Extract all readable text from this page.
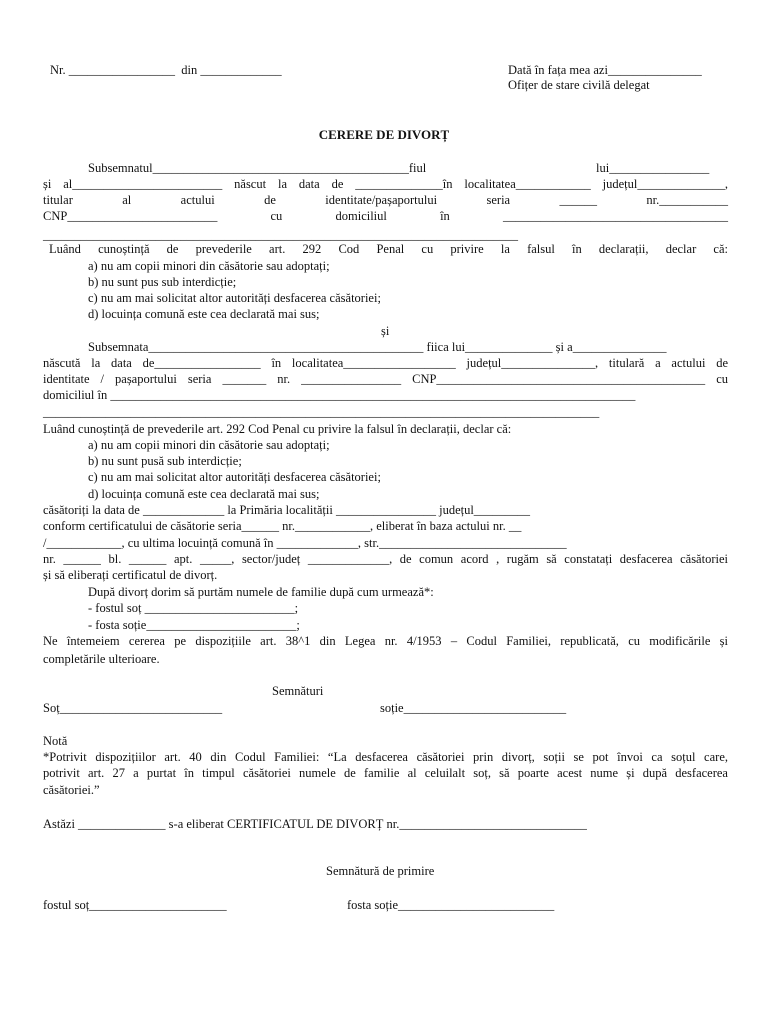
Nr. _________________  din _____________

	Dată în fața mea azi_______________

Ofițer de stare civilă delegat

CERERE DE DIVORȚ

Subsemnatul_________________________________________fiul

	lui________________

și al________________________ născut la data de ______________în localitatea____________ județul______________,

titular al actului de identitate/pașaportului seria ______ nr.___________

CNP________________________ cu domiciliul în ____________________________________

____________________________________________________________________________

Luând cunoștință de prevederile art. 292 Cod Penal cu privire la falsul în declarații, declar că:

a) nu am copii minori din căsătorie sau adoptați;
b) nu sunt pus sub interdicție;
c) nu am mai solicitat altor autorități desfacerea căsătoriei;
d) locuința comună este cea declarată mai sus;

și

Subsemnata____________________________________________ fiica lui______________ și a_______________

născută la data de_________________ în localitatea__________________ județul_______________, titulară a actului de

identitate / pașaportului seria _______ nr. ________________ CNP___________________________________________ cu

domiciliul în ____________________________________________________________________________________

_________________________________________________________________________________________

Luând cunoștință de prevederile art. 292 Cod Penal cu privire la falsul în declarații, declar că:

a) nu am copii minori din căsătorie sau adoptați;
b) nu sunt pusă sub interdicție;
c) nu am mai solicitat altor autorități desfacerea căsătoriei;
d) locuința comună este cea declarată mai sus;

căsătoriți la data de _____________ la Primăria localității ________________ județul_________

conform certificatului de căsătorie seria______ nr.____________, eliberat în baza actului nr. __

/____________, cu ultima locuință comună în _____________, str.______________________________

nr. ______ bl. ______ apt. _____, sector/județ _____________, de comun acord , rugăm să constatați desfacerea căsătoriei

și să eliberați certificatul de divorț.

După divorț dorim să purtăm numele de familie după cum urmează*:

- fostul soț ________________________;

- fosta soție________________________;

Ne întemeiem cererea pe dispozițiile art. 38^1 din Legea nr. 4/1953 – Codul Familiei, republicată, cu modificările și

completările ulterioare.

Semnături

Soț__________________________

	soție__________________________

Notă

*Potrivit dispozițiilor art. 40 din Codul Familiei: “La desfacerea căsătoriei prin divorț, soții se pot învoi ca soțul care,

potrivit art. 27 a purtat în timpul căsătoriei numele de familie al celuilalt soț, să poarte acest nume și după desfacerea

căsătoriei.”

Astăzi ______________ s-a eliberat CERTIFICATUL DE DIVORȚ nr.______________________________

Semnătură de primire

fostul soț______________________

	fosta soție_________________________
